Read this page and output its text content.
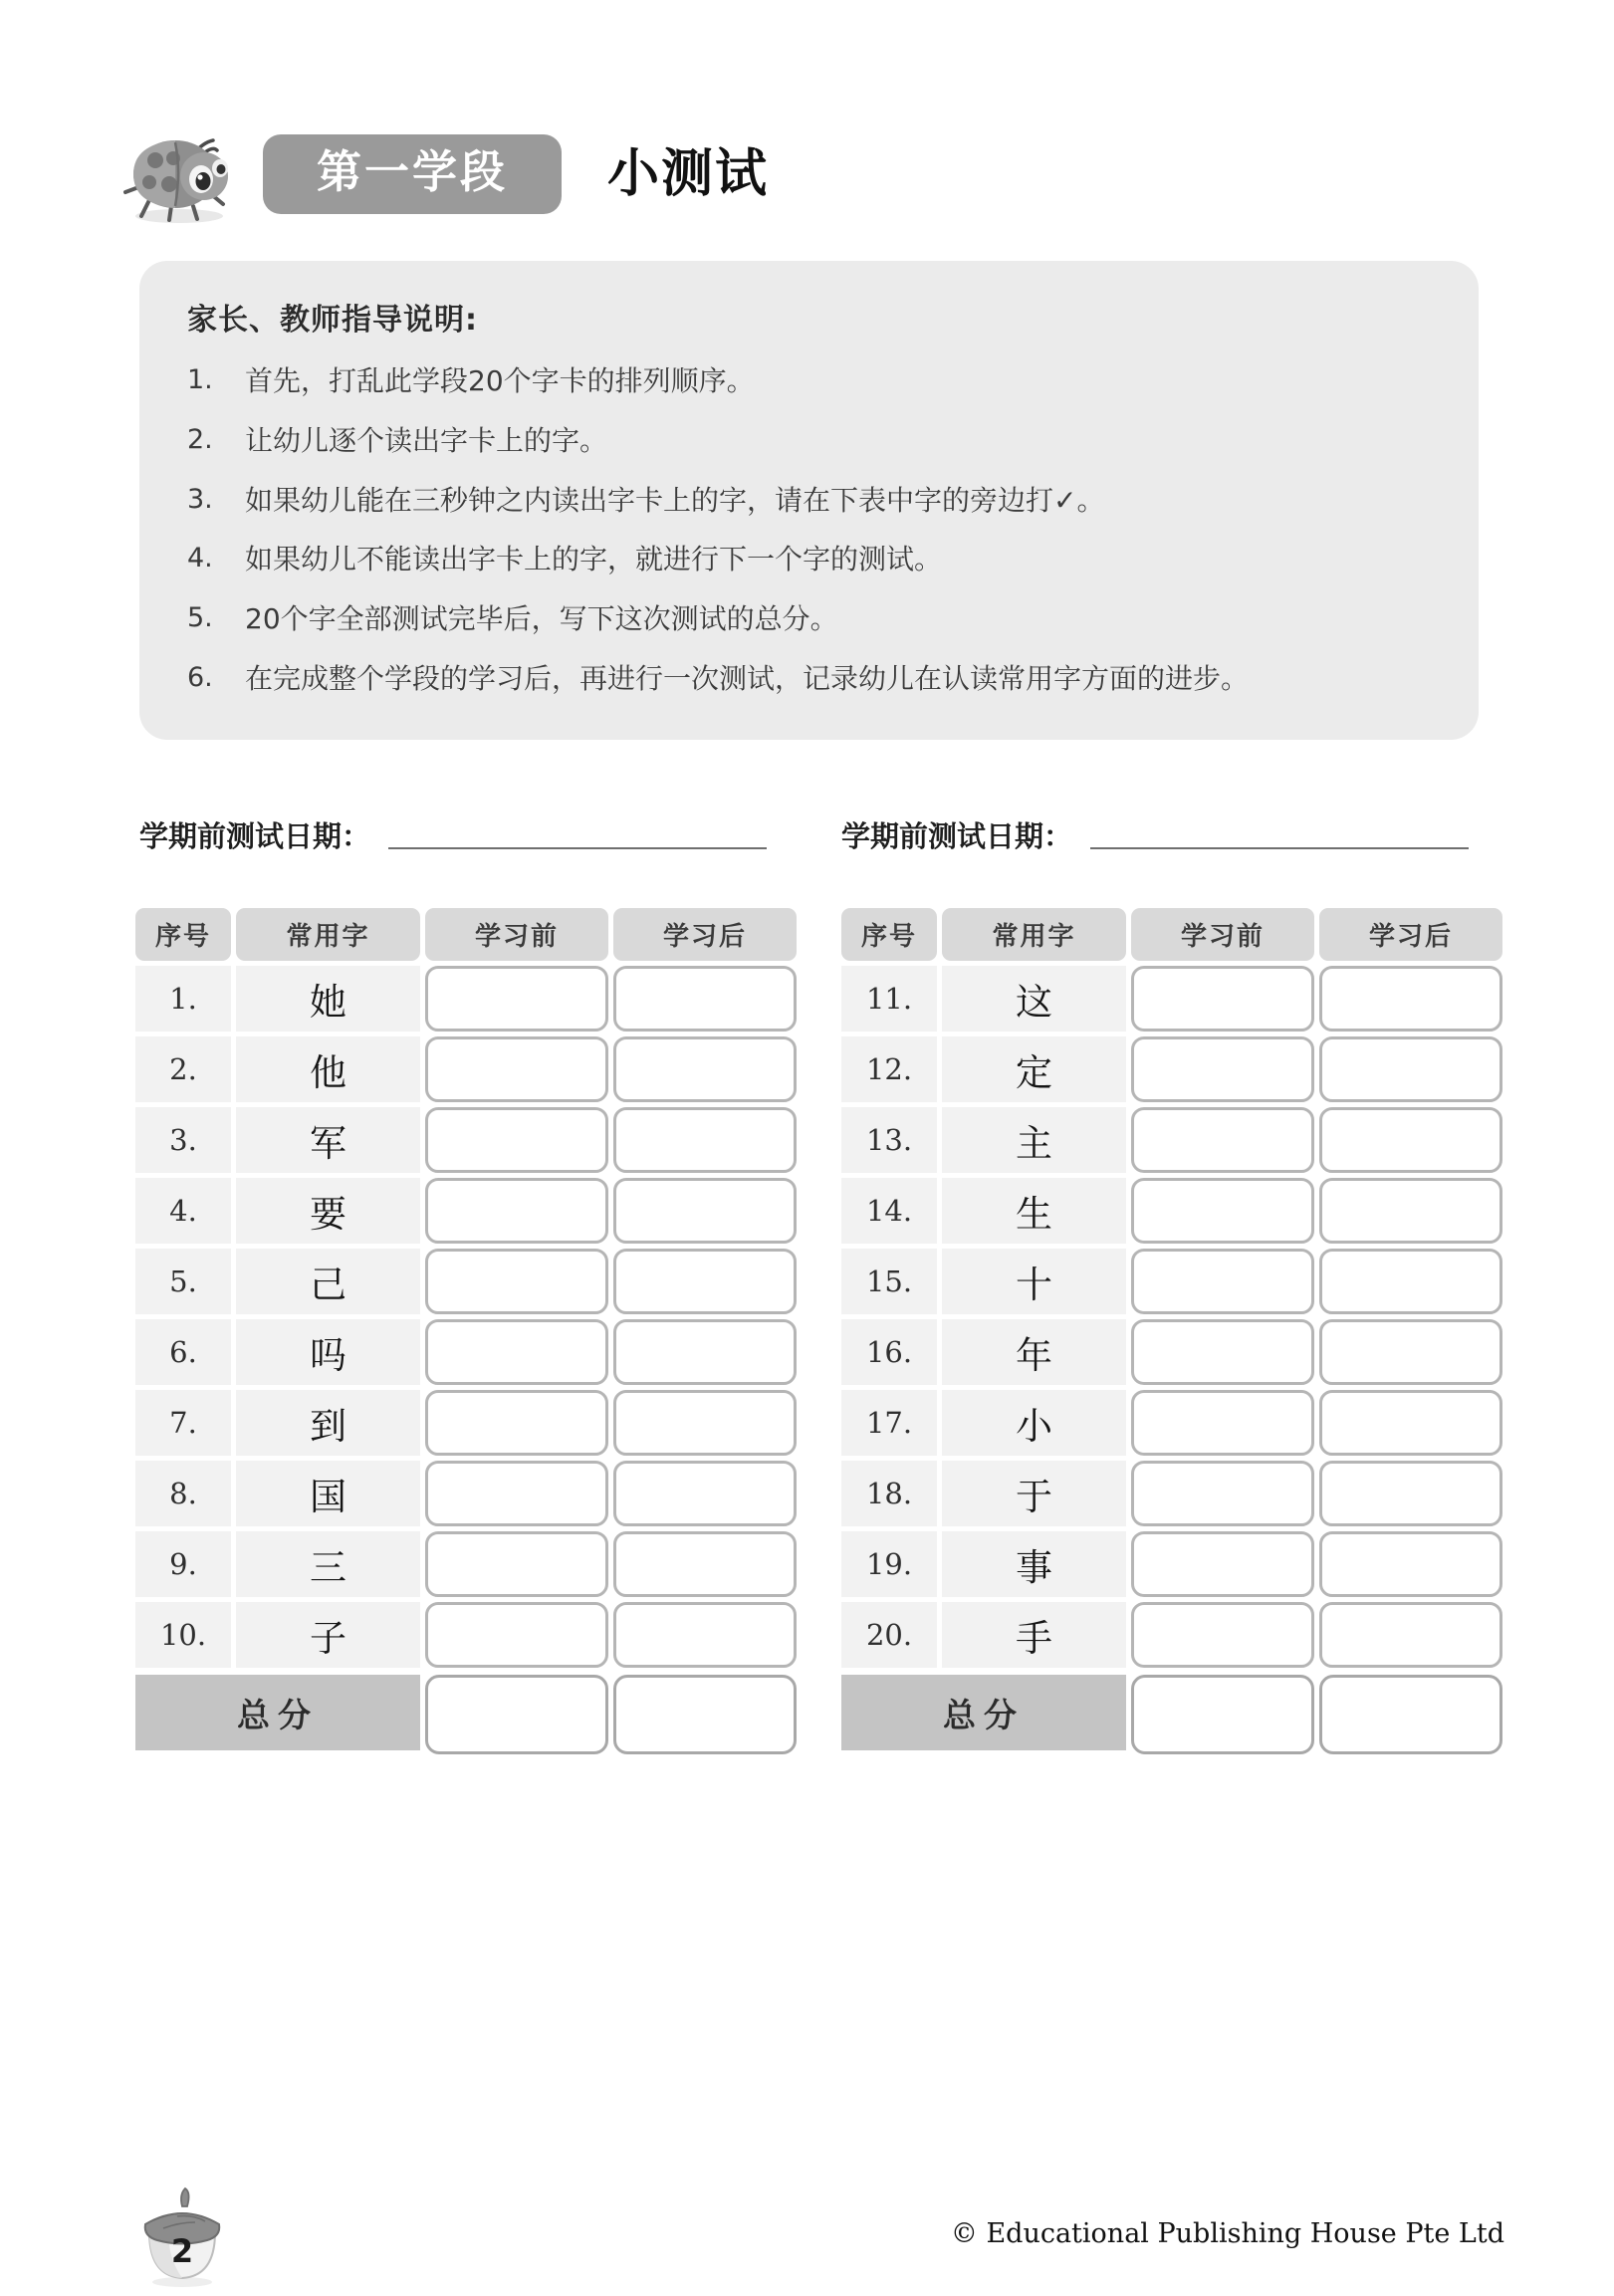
第一学段	小测试
家长、教师指导说明:
1.	首先，打乱此学段20个字卡的排列顺序。
2.	让幼儿逐个读出字卡上的字。
3.	如果幼儿能在三秒钟之内读出字卡上的字，请在下表中字的旁边打✓。
4.	如果幼儿不能读出字卡上的字，就进行下一个字的测试。
5.	20个字全部测试完毕后，写下这次测试的总分。
6.	在完成整个学段的学习后，再进行一次测试，记录幼儿在认读常用字方面的进步。
学期前测试日期：	学期前测试日期：
序号	常用字	学习前	学习后
1.	她
2.	他
3.	军
4.	要
5.	己
6.	吗
7.	到
8.	国
9.	三
10.	子
总分
序号	常用字	学习前	学习后
11.	这
12.	定
13.	主
14.	生
15.	十
16.	年
17.	小
18.	于
19.	事
20.	手
总分
2	© Educational Publishing House Pte Ltd
